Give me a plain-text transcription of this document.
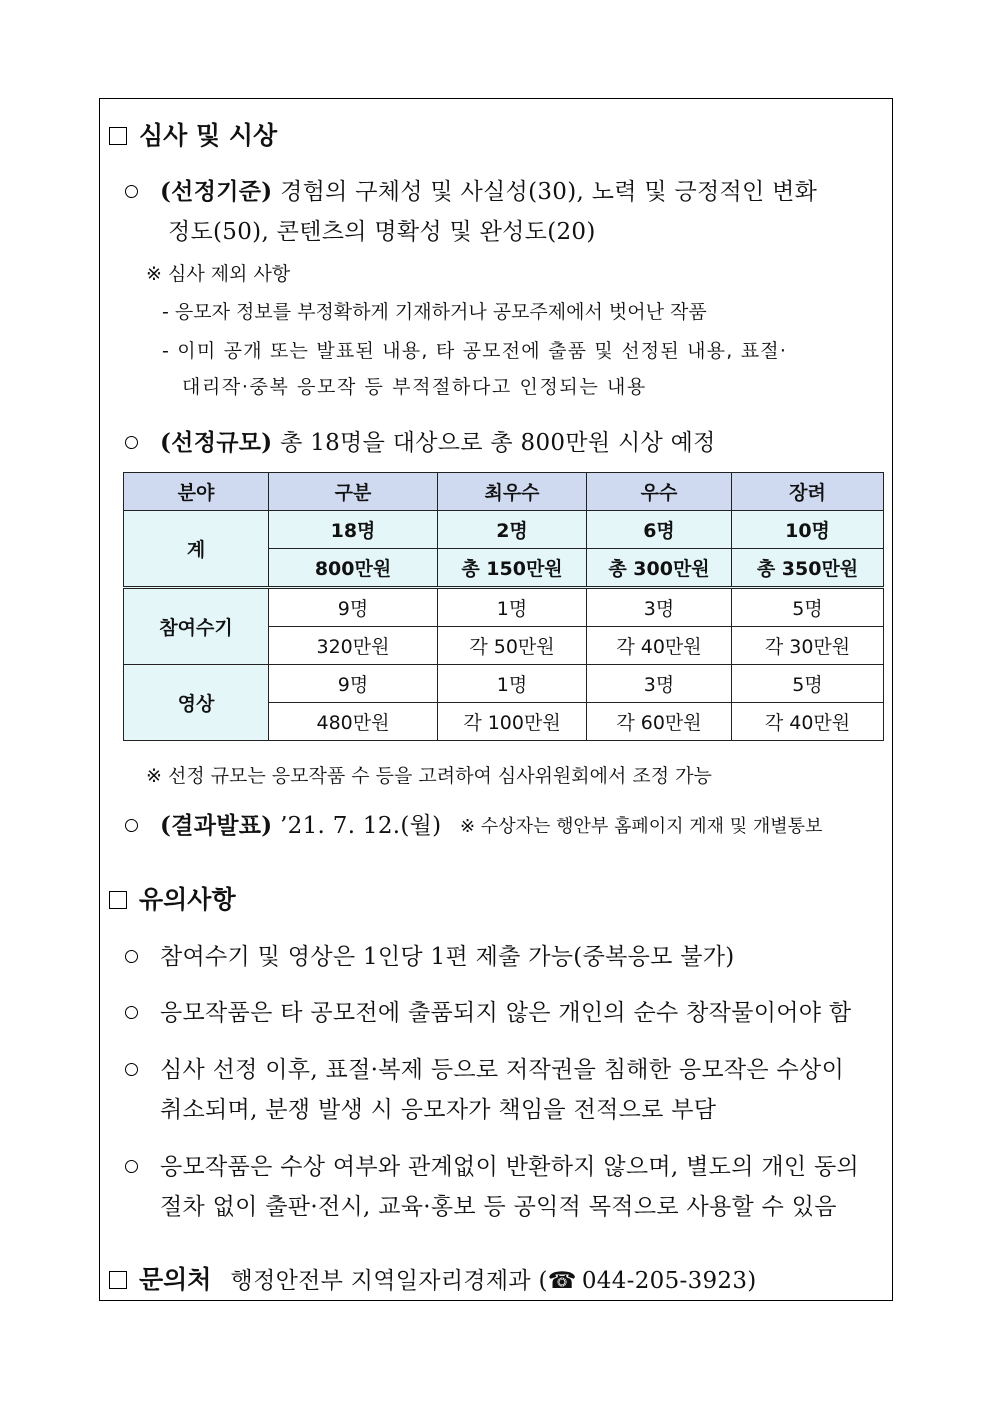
심사 및 시상
(선정기준) 경험의 구체성 및 사실성(30), 노력 및 긍정적인 변화
정도(50), 콘텐츠의 명확성 및 완성도(20)
※ 심사 제외 사항
- 응모자 정보를 부정확하게 기재하거나 공모주제에서 벗어난 작품
- 이미 공개 또는 발표된 내용, 타 공모전에 출품 및 선정된 내용, 표절·
대리작·중복 응모작 등 부적절하다고 인정되는 내용
(선정규모) 총 18명을 대상으로 총 800만원 시상 예정
분야	구분	최우수	우수	장려
계	18명	2명	6명	10명
	800만원	총 150만원	총 300만원	총 350만원
참여수기	9명	1명	3명	5명
	320만원	각 50만원	각 40만원	각 30만원
영상	9명	1명	3명	5명
	480만원	각 100만원	각 60만원	각 40만원
※ 선정 규모는 응모작품 수 등을 고려하여 심사위원회에서 조정 가능
(결과발표) ’21. 7. 12.(월) ※ 수상자는 행안부 홈페이지 게재 및 개별통보
유의사항
참여수기 및 영상은 1인당 1편 제출 가능(중복응모 불가)
응모작품은 타 공모전에 출품되지 않은 개인의 순수 창작물이어야 함
심사 선정 이후, 표절·복제 등으로 저작권을 침해한 응모작은 수상이
취소되며, 분쟁 발생 시 응모자가 책임을 전적으로 부담
응모작품은 수상 여부와 관계없이 반환하지 않으며, 별도의 개인 동의
절차 없이 출판·전시, 교육·홍보 등 공익적 목적으로 사용할 수 있음
문의처 행정안전부 지역일자리경제과 (☎ 044-205-3923)
